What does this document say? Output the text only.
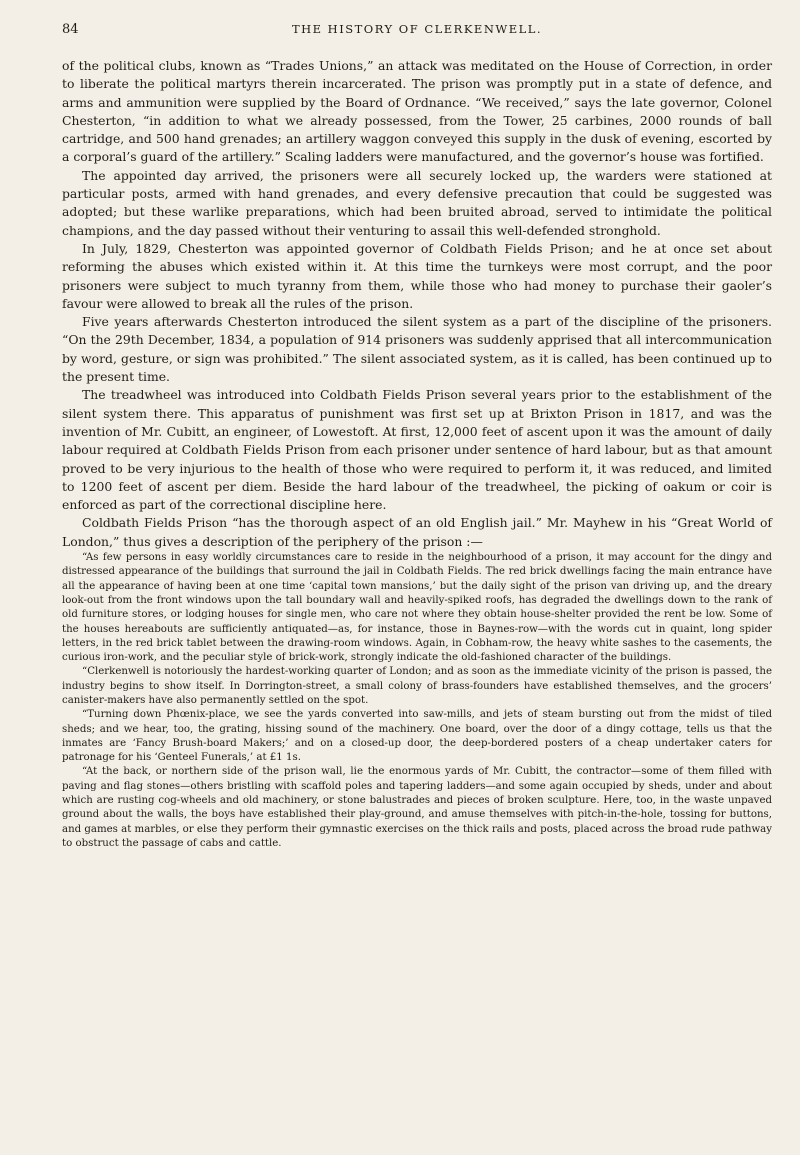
84	THE HISTORY OF CLERKENWELL.

of the political clubs, known as “Trades Unions,” an attack was meditated on the House of Correction, in order to liberate the political martyrs therein incarcerated. The prison was promptly put in a state of defence, and arms and ammunition were supplied by the Board of Ordnance. “We received,” says the late governor, Colonel Chesterton, “in addition to what we already possessed, from the Tower, 25 carbines, 2000 rounds of ball cartridge, and 500 hand grenades; an artillery waggon conveyed this supply in the dusk of evening, escorted by a corporal’s guard of the artillery.” Scaling ladders were manufactured, and the governor’s house was fortified.

The appointed day arrived, the prisoners were all securely locked up, the warders were stationed at particular posts, armed with hand grenades, and every defensive precaution that could be suggested was adopted; but these warlike preparations, which had been bruited abroad, served to intimidate the political champions, and the day passed without their venturing to assail this well-defended stronghold.

In July, 1829, Chesterton was appointed governor of Coldbath Fields Prison; and he at once set about reforming the abuses which existed within it. At this time the turnkeys were most corrupt, and the poor prisoners were subject to much tyranny from them, while those who had money to purchase their gaoler’s favour were allowed to break all the rules of the prison.

Five years afterwards Chesterton introduced the silent system as a part of the discipline of the prisoners. “On the 29th December, 1834, a population of 914 prisoners was suddenly apprised that all intercommunication by word, gesture, or sign was prohibited.” The silent associated system, as it is called, has been continued up to the present time.

The treadwheel was introduced into Coldbath Fields Prison several years prior to the establishment of the silent system there. This apparatus of punishment was first set up at Brixton Prison in 1817, and was the invention of Mr. Cubitt, an engineer, of Lowestoft. At first, 12,000 feet of ascent upon it was the amount of daily labour required at Coldbath Fields Prison from each prisoner under sentence of hard labour, but as that amount proved to be very injurious to the health of those who were required to perform it, it was reduced, and limited to 1200 feet of ascent per diem. Beside the hard labour of the treadwheel, the picking of oakum or coir is enforced as part of the correctional discipline here.

Coldbath Fields Prison “has the thorough aspect of an old English jail.” Mr. Mayhew in his “Great World of London,” thus gives a description of the periphery of the prison :—

“As few persons in easy worldly circumstances care to reside in the neighbourhood of a prison, it may account for the dingy and distressed appearance of the buildings that surround the jail in Coldbath Fields. The red brick dwellings facing the main entrance have all the appearance of having been at one time ‘capital town mansions,’ but the daily sight of the prison van driving up, and the dreary look-out from the front windows upon the tall boundary wall and heavily-spiked roofs, has degraded the dwellings down to the rank of old furniture stores, or lodging houses for single men, who care not where they obtain house-shelter provided the rent be low. Some of the houses hereabouts are sufficiently antiquated—as, for instance, those in Baynes-row—with the words cut in quaint, long spider letters, in the red brick tablet between the drawing-room windows. Again, in Cobham-row, the heavy white sashes to the casements, the curious iron-work, and the peculiar style of brick-work, strongly indicate the old-fashioned character of the buildings.

“Clerkenwell is notoriously the hardest-working quarter of London; and as soon as the immediate vicinity of the prison is passed, the industry begins to show itself. In Dorrington-street, a small colony of brass-founders have established themselves, and the grocers’ canister-makers have also permanently settled on the spot.

“Turning down Phœnix-place, we see the yards converted into saw-mills, and jets of steam bursting out from the midst of tiled sheds; and we hear, too, the grating, hissing sound of the machinery. One board, over the door of a dingy cottage, tells us that the inmates are ‘Fancy Brush-board Makers;’ and on a closed-up door, the deep-bordered posters of a cheap undertaker caters for patronage for his ‘Genteel Funerals,’ at £1 1s.

“At the back, or northern side of the prison wall, lie the enormous yards of Mr. Cubitt, the contractor—some of them filled with paving and flag stones—others bristling with scaffold poles and tapering ladders—and some again occupied by sheds, under and about which are rusting cog-wheels and old machinery, or stone balustrades and pieces of broken sculpture. Here, too, in the waste unpaved ground about the walls, the boys have established their play-ground, and amuse themselves with pitch-in-the-hole, tossing for buttons, and games at marbles, or else they perform their gymnastic exercises on the thick rails and posts, placed across the broad rude pathway to obstruct the passage of cabs and cattle.
